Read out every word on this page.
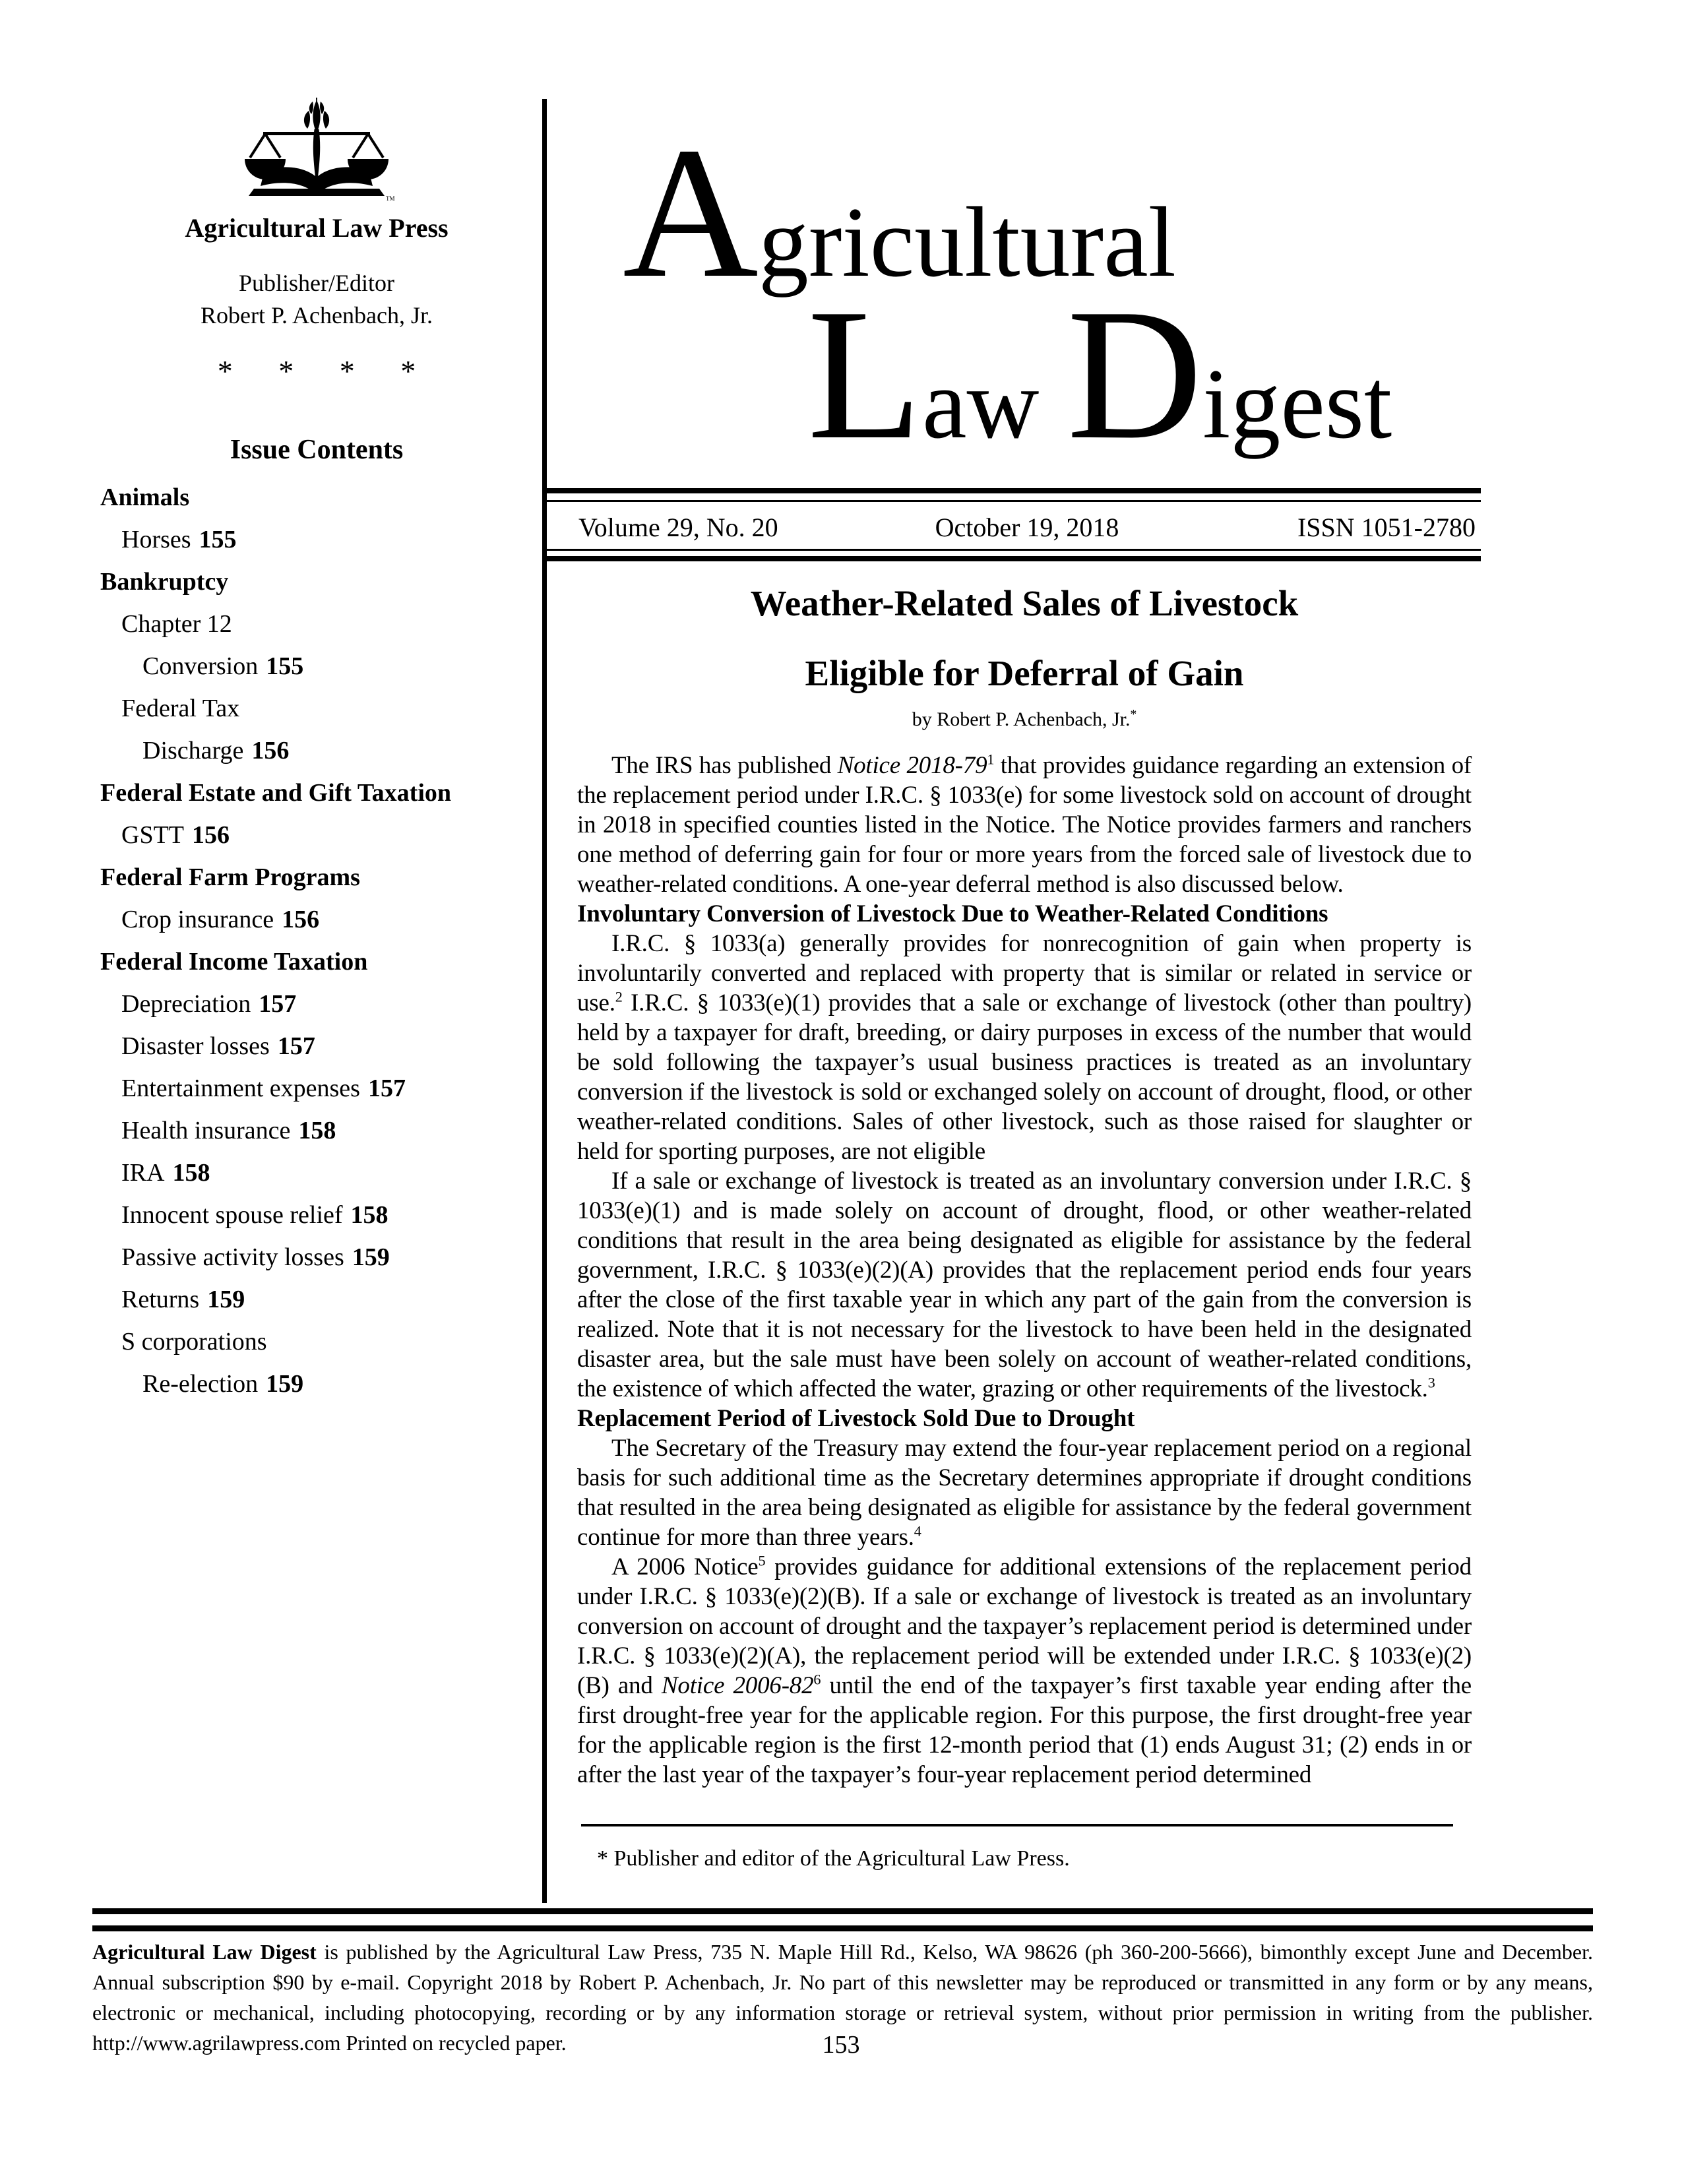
TM
Agricultural Law Press
Publisher/Editor
Robert P. Achenbach, Jr.
* * * *
Issue Contents
Animals
Horses 155
Bankruptcy
Chapter 12
Conversion 155
Federal Tax
Discharge 156
Federal Estate and Gift Taxation
GSTT 156
Federal Farm Programs
Crop insurance 156
Federal Income Taxation
Depreciation 157
Disaster losses 157
Entertainment expenses 157
Health insurance 158
IRA 158
Innocent spouse relief 158
Passive activity losses 159
Returns 159
S corporations
Re-election 159
Agricultural
Law Digest
Volume 29, No. 20	October 19, 2018	ISSN 1051-2780
Weather-Related Sales of Livestock
Eligible for Deferral of Gain
by Robert P. Achenbach, Jr.*

The IRS has published Notice $2018-79^1$ that provides guidance regarding an extension of the replacement period under I.R.C. § 1033(e) for some livestock sold on account of drought in 2018 in specified counties listed in the Notice. The Notice provides farmers and ranchers one method of deferring gain for four or more years from the forced sale of livestock due to weather-related conditions. A one-year deferral method is also discussed below.

Involuntary Conversion of Livestock Due to Weather-Related Conditions

I.R.C. § 1033(a) generally provides for nonrecognition of gain when property is involuntarily converted and replaced with property that is similar or related in service or use.$^2$ I.R.C. § 1033(e)(1) provides that a sale or exchange of livestock (other than poultry) held by a taxpayer for draft, breeding, or dairy purposes in excess of the number that would be sold following the taxpayer’s usual business practices is treated as an involuntary conversion if the livestock is sold or exchanged solely on account of drought, flood, or other weather-related conditions. Sales of other livestock, such as those raised for slaughter or held for sporting purposes, are not eligible

If a sale or exchange of livestock is treated as an involuntary conversion under I.R.C. § 1033(e)(1) and is made solely on account of drought, flood, or other weather-related conditions that result in the area being designated as eligible for assistance by the federal government, I.R.C. § 1033(e)(2)(A) provides that the replacement period ends four years after the close of the first taxable year in which any part of the gain from the conversion is realized. Note that it is not necessary for the livestock to have been held in the designated disaster area, but the sale must have been solely on account of weather-related conditions, the existence of which affected the water, grazing or other requirements of the livestock.$^3$

Replacement Period of Livestock Sold Due to Drought

The Secretary of the Treasury may extend the four-year replacement period on a regional basis for such additional time as the Secretary determines appropriate if drought conditions that resulted in the area being designated as eligible for assistance by the federal government continue for more than three years.$^4$

A 2006 Notice$^5$ provides guidance for additional extensions of the replacement period under I.R.C. § 1033(e)(2)(B). If a sale or exchange of livestock is treated as an involuntary conversion on account of drought and the taxpayer’s replacement period is determined under I.R.C. § 1033(e)(2)(A), the replacement period will be extended under I.R.C. § 1033(e)(2)(B) and Notice $2006-82^6$ until the end of the taxpayer’s first taxable year ending after the first drought-free year for the applicable region. For this purpose, the first drought-free year for the applicable region is the first 12-month period that (1) ends August 31; (2) ends in or after the last year of the taxpayer’s four-year replacement period determined

* Publisher and editor of the Agricultural Law Press.

Agricultural Law Digest is published by the Agricultural Law Press, 735 N. Maple Hill Rd., Kelso, WA 98626 (ph 360-200-5666), bimonthly except June and December. Annual subscription $90 by e-mail. Copyright 2018 by Robert P. Achenbach, Jr. No part of this newsletter may be reproduced or transmitted in any form or by any means, electronic or mechanical, including photocopying, recording or by any information storage or retrieval system, without prior permission in writing from the publisher. http://www.agrilawpress.com Printed on recycled paper.	153
